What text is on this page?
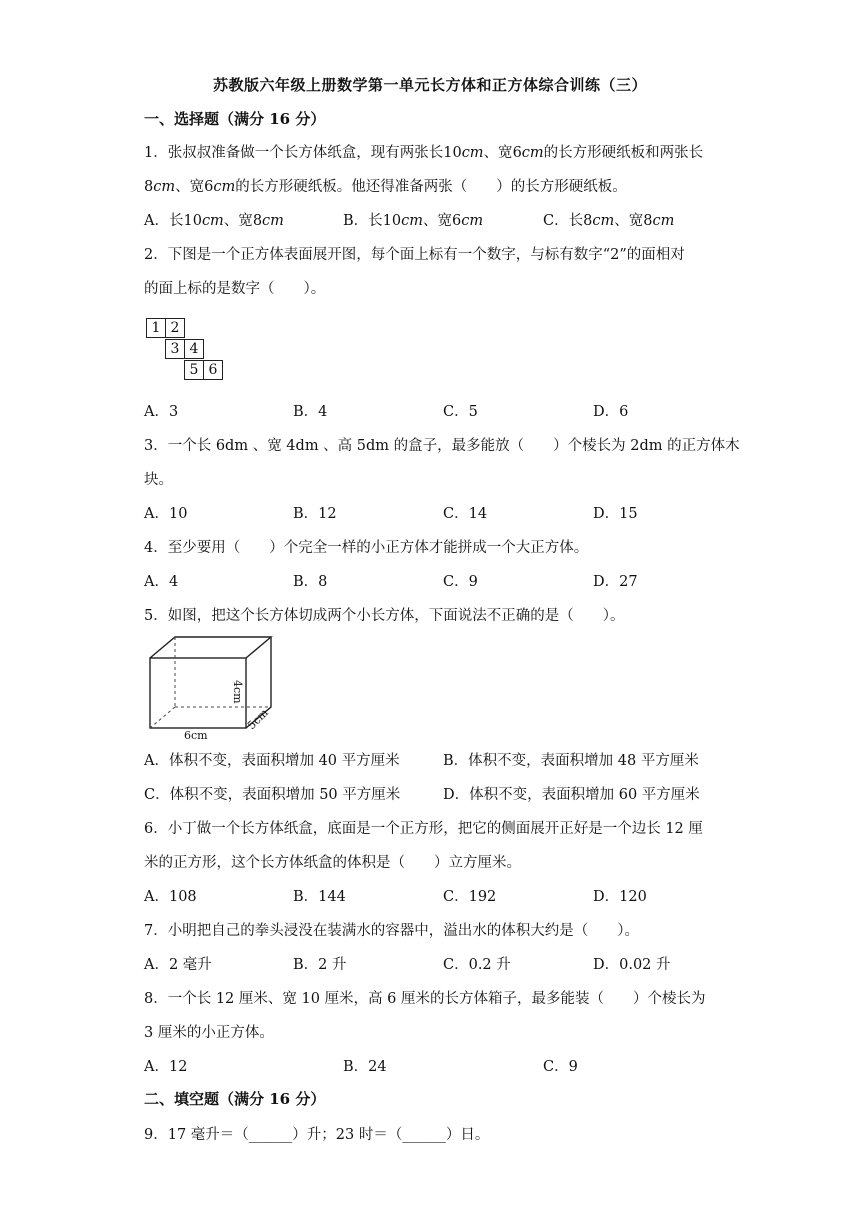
苏教版六年级上册数学第一单元长方体和正方体综合训练（三）
一、选择题（满分 16 分）
1．张叔叔准备做一个长方体纸盒，现有两张长10cm、宽6cm的长方形硬纸板和两张长
8cm、宽6cm的长方形硬纸板。他还得准备两张（　　）的长方形硬纸板。
A．长10cm、宽8cm	B．长10cm、宽6cm	C．长8cm、宽8cm
2．下图是一个正方体表面展开图，每个面上标有一个数字，与标有数字“2”的面相对
的面上标的是数字（　　）。
1 2
3 4
5 6
A．3	B．4	C．5	D．6
3．一个长 6dm 、宽 4dm 、高 5dm 的盒子，最多能放（　　）个棱长为 2dm 的正方体木
块。
A．10	B．12	C．14	D．15
4．至少要用（　　）个完全一样的小正方体才能拼成一个大正方体。
A．4	B．8	C．9	D．27
5．如图，把这个长方体切成两个小长方体，下面说法不正确的是（　　）。
6cm
4cm
5cm
A．体积不变，表面积增加 40 平方厘米	B．体积不变，表面积增加 48 平方厘米
C．体积不变，表面积增加 50 平方厘米	D．体积不变，表面积增加 60 平方厘米
6．小丁做一个长方体纸盒，底面是一个正方形，把它的侧面展开正好是一个边长 12 厘
米的正方形，这个长方体纸盒的体积是（　　）立方厘米。
A．108	B．144	C．192	D．120
7．小明把自己的拳头浸没在装满水的容器中，溢出水的体积大约是（　　）。
A．2 毫升	B．2 升	C．0.2 升	D．0.02 升
8．一个长 12 厘米、宽 10 厘米，高 6 厘米的长方体箱子，最多能装（　　）个棱长为
3 厘米的小正方体。
A．12	B．24	C．9
二、填空题（满分 16 分）
9．17 毫升＝（______）升；23 时＝（______）日。
